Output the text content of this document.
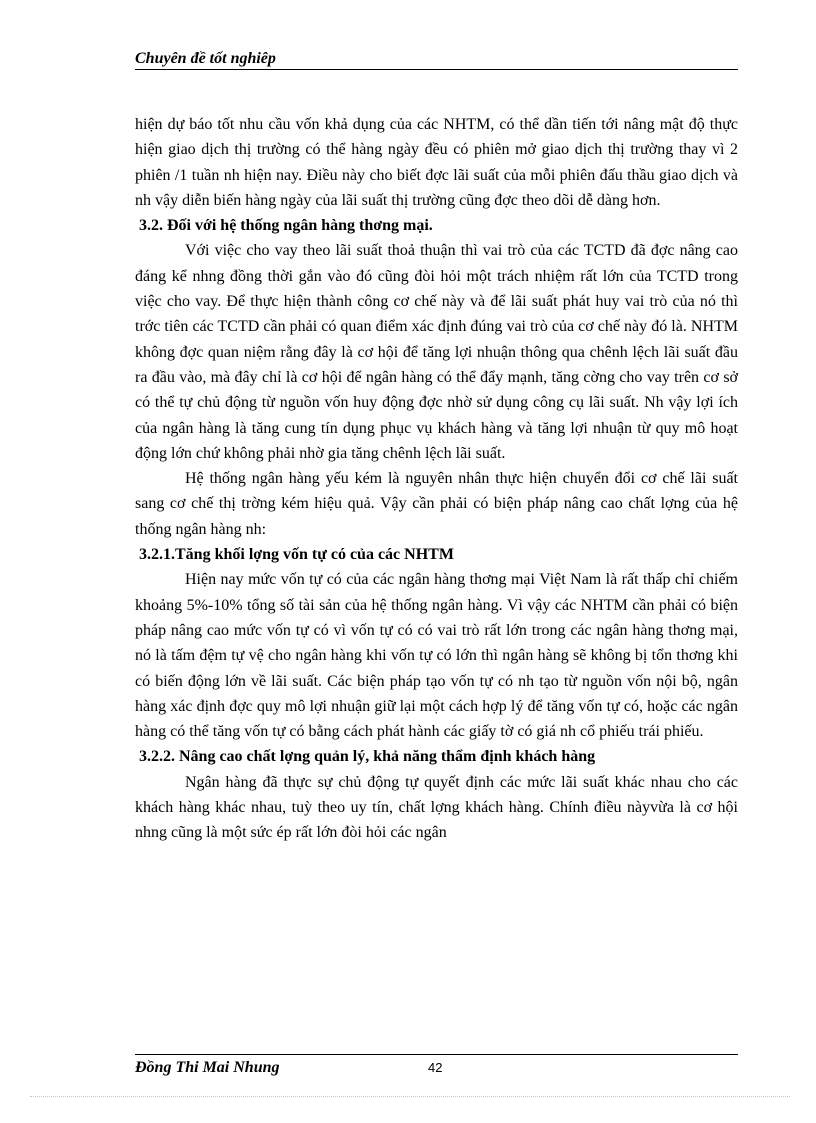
Chuyên đề tốt nghiêp

hiện dự báo tốt nhu cầu vốn khả dụng của các NHTM, có thể dần tiến tới nâng mật độ thực hiện giao dịch thị trường có thể hàng ngày đều có phiên mở giao dịch thị trường thay vì 2 phiên /1 tuần nh hiện nay. Điều này cho biết đợc lãi suất của mỗi phiên đấu thầu giao dịch và nh vậy diễn biến hàng ngày của lãi suất thị trường cũng đợc theo dõi dễ dàng hơn.

3.2. Đối với hệ thống ngân hàng thơng mại.

Với việc cho vay theo lãi suất thoả thuận thì vai trò của các TCTD đã đợc nâng cao đáng kể nhng đồng thời gắn vào đó cũng đòi hỏi một trách nhiệm rất lớn của TCTD trong việc cho vay. Để thực hiện thành công cơ chế này và để lãi suất phát huy vai trò của nó thì trớc tiên các TCTD cần phải có quan điểm xác định đúng vai trò của cơ chế này đó là. NHTM không đợc quan niệm rằng đây là cơ hội để tăng lợi nhuận thông qua chênh lệch lãi suất đầu ra đầu vào, mà đây chỉ là cơ hội để ngân hàng có thể đẩy mạnh, tăng cờng cho vay trên cơ sở có thể tự chủ động từ nguồn vốn huy động đợc nhờ sử dụng công cụ lãi suất. Nh vậy lợi ích của ngân hàng là tăng cung tín dụng phục vụ khách hàng và tăng lợi nhuận từ quy mô hoạt động lớn chứ không phải nhờ gia tăng chênh lệch lãi suất.

Hệ thống ngân hàng yếu kém là nguyên nhân thực hiện chuyển đổi cơ chế lãi suất sang cơ chế thị trờng kém hiệu quả. Vậy cần phải có biện pháp nâng cao chất lợng của hệ thống ngân hàng nh:

3.2.1.Tăng khối lợng vốn tự có của các NHTM

Hiện nay mức vốn tự có của các ngân hàng thơng mại Việt Nam là rất thấp chỉ chiếm khoảng 5%-10% tổng số tài sản của hệ thống ngân hàng. Vì vậy các NHTM cần phải có biện pháp nâng cao mức vốn tự có vì vốn tự có có vai trò rất lớn trong các ngân hàng thơng mại, nó là tấm đệm tự vệ cho ngân hàng khi vốn tự có lớn thì ngân hàng sẽ không bị tổn thơng khi có biến động lớn về lãi suất. Các biện pháp tạo vốn tự có nh tạo từ nguồn vốn nội bộ, ngân hàng xác định đợc quy mô lợi nhuận giữ lại một cách hợp lý để tăng vốn tự có, hoặc các ngân hàng có thể tăng vốn tự có bằng cách phát hành các giấy tờ có giá nh cổ phiếu trái phiếu.

3.2.2. Nâng cao chất lợng quản lý, khả năng thẩm định khách hàng

Ngân hàng đã thực sự chủ động tự quyết định các mức lãi suất khác nhau cho các khách hàng khác nhau, tuỳ theo uy tín, chất lợng khách hàng. Chính điều nàyvừa là cơ hội nhng cũng là một sức ép rất lớn đòi hỏi các ngân

Đồng Thi Mai Nhung	42
